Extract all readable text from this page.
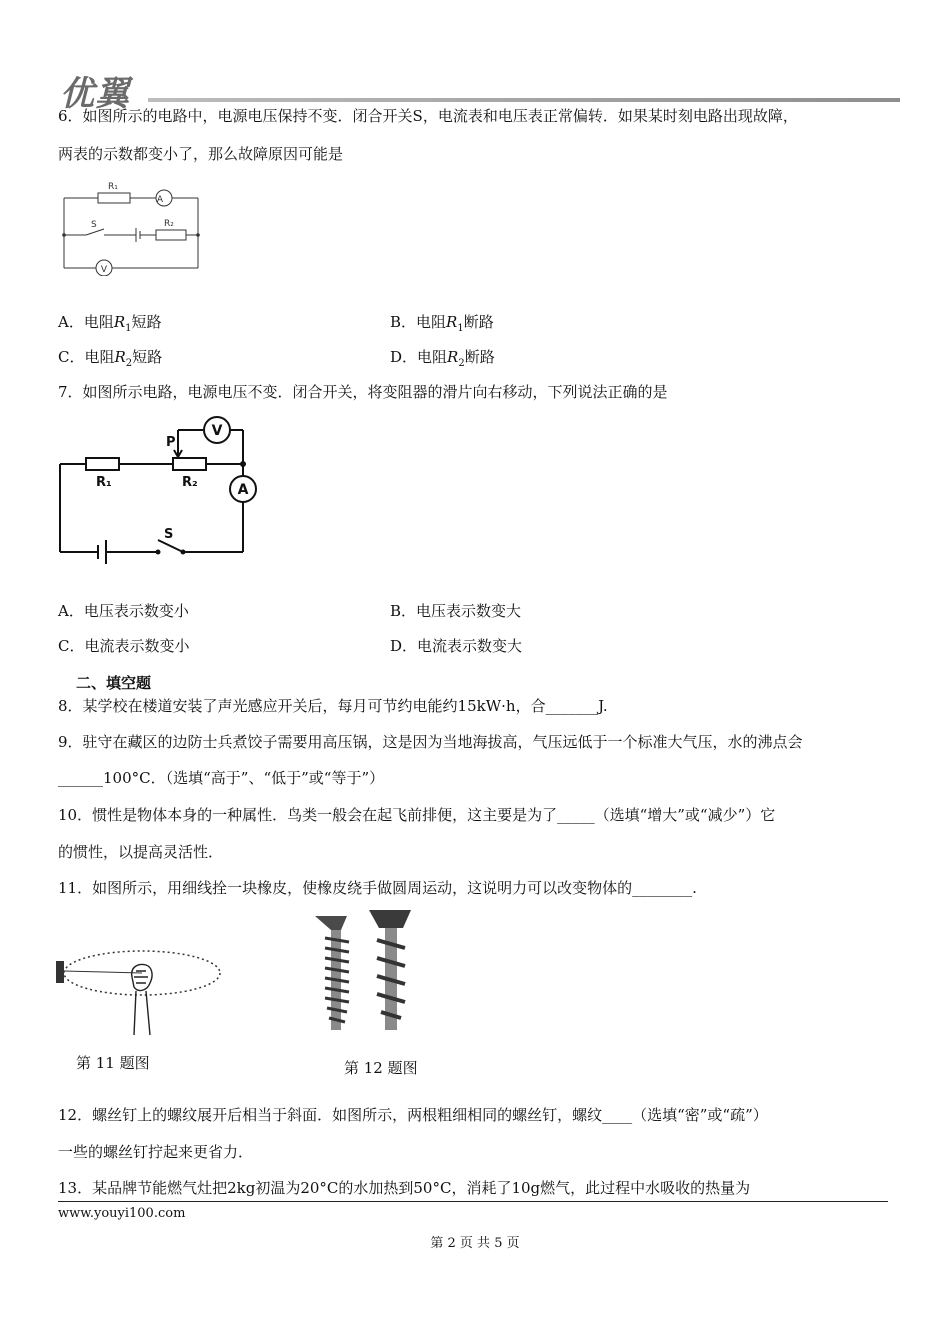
优翼
6．如图所示的电路中，电源电压保持不变．闭合开关S，电流表和电压表正常偏转．如果某时刻电路出现故障，
两表的示数都变小了，那么故障原因可能是
R₁
A
S	R₂
V
A．电阻$R_1$短路	B．电阻$R_1$断路
C．电阻$R_2$短路	D．电阻$R_2$断路
7．如图所示电路，电源电压不变．闭合开关，将变阻器的滑片向右移动，下列说法正确的是
P
V
A
R₁	R₂
S
A．电压表示数变小	B．电压表示数变大
C．电流表示数变小	D．电流表示数变大
二、填空题
8．某学校在楼道安装了声光感应开关后，每月可节约电能约15kW·h，合_______J.
9．驻守在藏区的边防士兵煮饺子需要用高压锅，这是因为当地海拔高，气压远低于一个标准大气压，水的沸点会
______100°C．（选填“高于”、“低于”或“等于”）
10．惯性是物体本身的一种属性．鸟类一般会在起飞前排便，这主要是为了_____（选填“增大”或“减少”）它
的惯性，以提高灵活性．
11．如图所示，用细线拴一块橡皮，使橡皮绕手做圆周运动，这说明力可以改变物体的________.
第 11 题图	第 12 题图
12．螺丝钉上的螺纹展开后相当于斜面．如图所示，两根粗细相同的螺丝钉，螺纹____（选填“密”或“疏”）
一些的螺丝钉拧起来更省力．
13．某品牌节能燃气灶把2kg初温为20°C的水加热到50°C，消耗了10g燃气，此过程中水吸收的热量为
www.youyi100.com
第 2 页 共 5 页
